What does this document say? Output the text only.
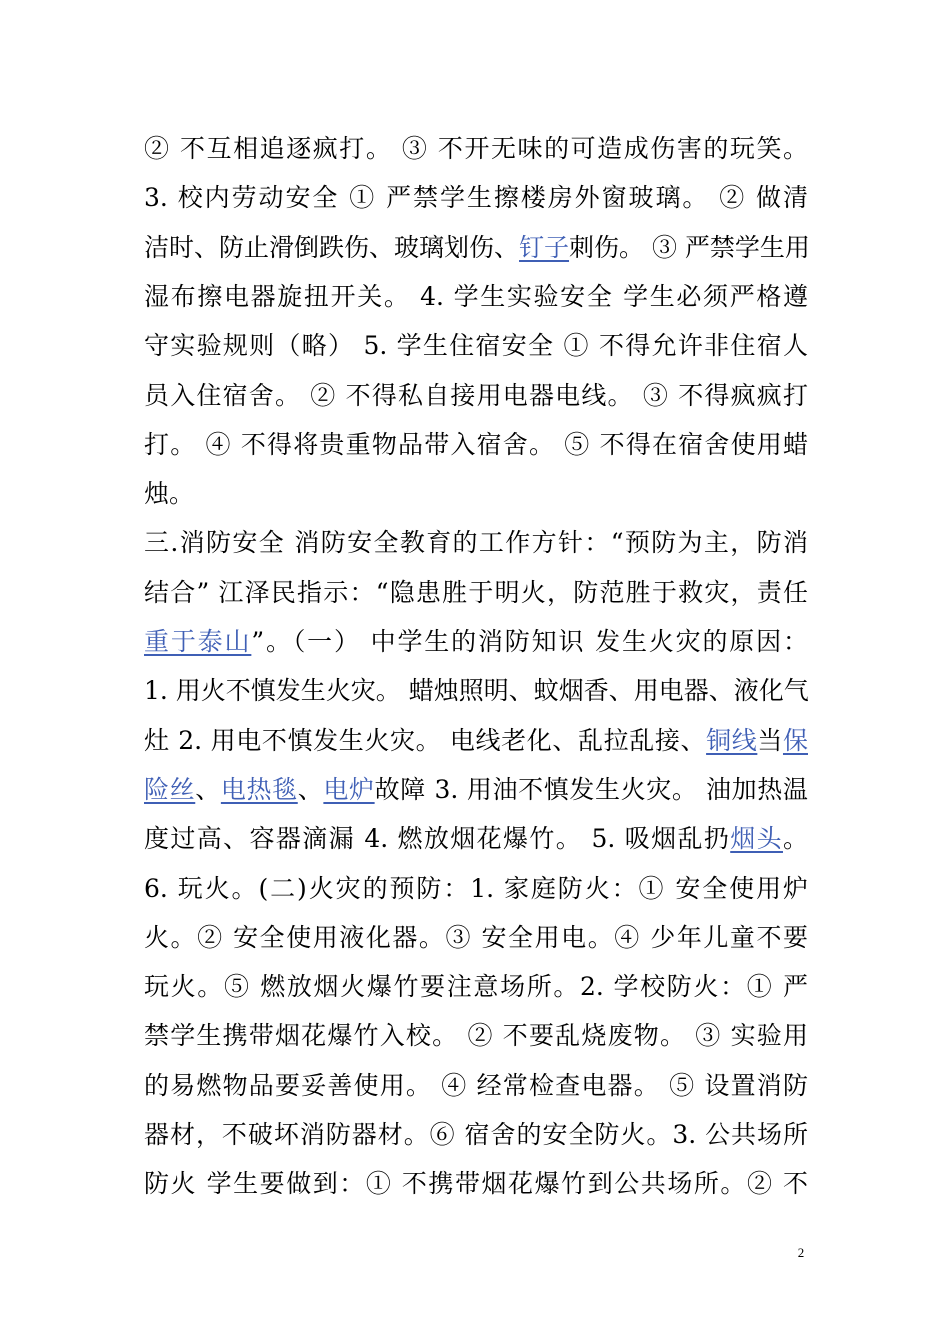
② 不互相追逐疯打。 ③ 不开无味的可造成伤害的玩笑。
3. 校内劳动安全 ① 严禁学生擦楼房外窗玻璃。 ② 做清
洁时、防止滑倒跌伤、玻璃划伤、钉子刺伤。 ③ 严禁学生用
湿布擦电器旋扭开关。 4. 学生实验安全 学生必须严格遵
守实验规则（略） 5. 学生住宿安全 ① 不得允许非住宿人
员入住宿舍。 ② 不得私自接用电器电线。 ③ 不得疯疯打
打。 ④ 不得将贵重物品带入宿舍。 ⑤ 不得在宿舍使用蜡
烛。
三.消防安全 消防安全教育的工作方针：“预防为主，防消
结合” 江泽民指示：“隐患胜于明火，防范胜于救灾，责任
重于泰山”。（一） 中学生的消防知识 发生火灾的原因：
1. 用火不慎发生火灾。 蜡烛照明、蚊烟香、用电器、液化气
灶 2. 用电不慎发生火灾。 电线老化、乱拉乱接、铜线当保
险丝、电热毯、电炉故障 3. 用油不慎发生火灾。 油加热温
度过高、容器滴漏 4. 燃放烟花爆竹。 5. 吸烟乱扔烟头。
6. 玩火。(二)火灾的预防：1. 家庭防火：① 安全使用炉
火。② 安全使用液化器。③ 安全用电。④ 少年儿童不要
玩火。⑤ 燃放烟火爆竹要注意场所。2. 学校防火：① 严
禁学生携带烟花爆竹入校。 ② 不要乱烧废物。 ③ 实验用
的易燃物品要妥善使用。 ④ 经常检查电器。 ⑤ 设置消防
器材，不破坏消防器材。⑥ 宿舍的安全防火。3. 公共场所
防火 学生要做到：① 不携带烟花爆竹到公共场所。② 不
2
